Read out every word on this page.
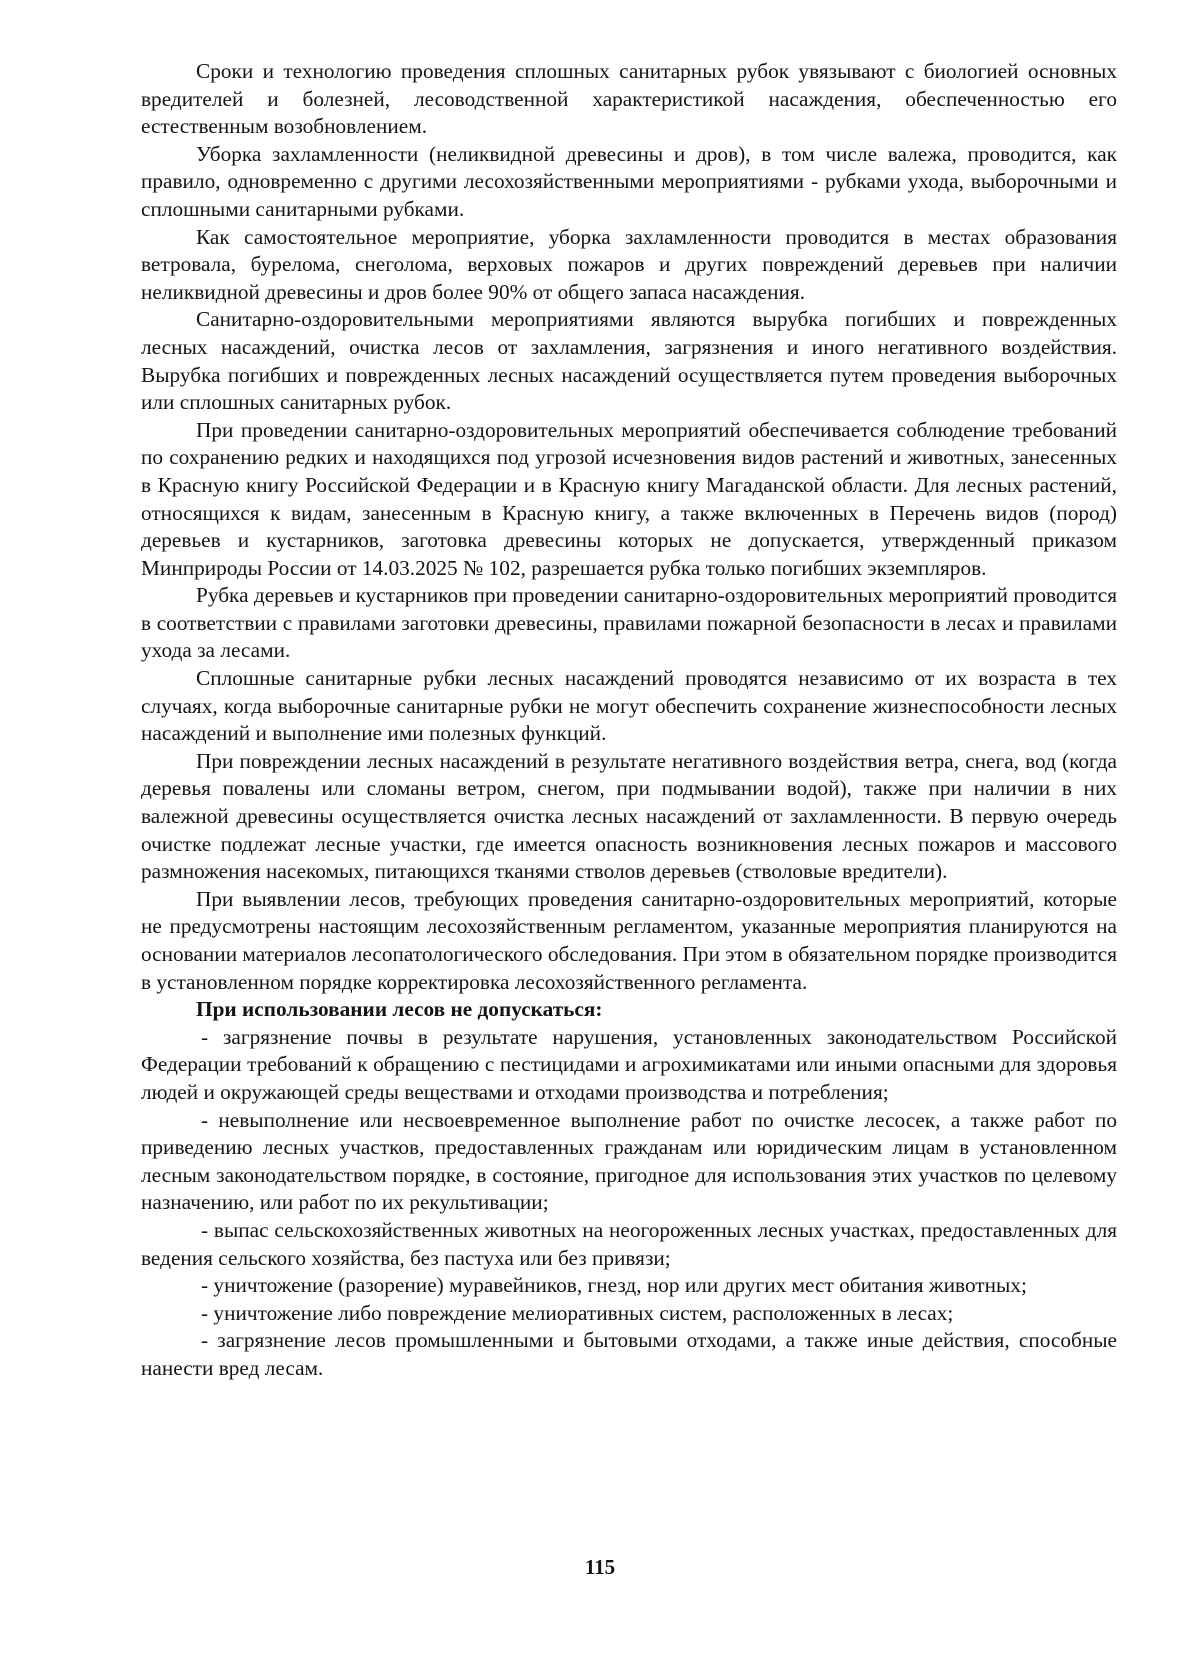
Сроки и технологию проведения сплошных санитарных рубок увязывают с биологией основных вредителей и болезней, лесоводственной характеристикой насаждения, обеспеченностью его естественным возобновлением.

Уборка захламленности (неликвидной древесины и дров), в том числе валежа, проводится, как правило, одновременно с другими лесохозяйственными мероприятиями - рубками ухода, выборочными и сплошными санитарными рубками.

Как самостоятельное мероприятие, уборка захламленности проводится в местах образования ветровала, бурелома, снеголома, верховых пожаров и других повреждений деревьев при наличии неликвидной древесины и дров более 90% от общего запаса насаждения.

Санитарно-оздоровительными мероприятиями являются вырубка погибших и поврежденных лесных насаждений, очистка лесов от захламления, загрязнения и иного негативного воздействия. Вырубка погибших и поврежденных лесных насаждений осуществляется путем проведения выборочных или сплошных санитарных рубок.

При проведении санитарно-оздоровительных мероприятий обеспечивается соблюдение требований по сохранению редких и находящихся под угрозой исчезновения видов растений и животных, занесенных в Красную книгу Российской Федерации и в Красную книгу Магаданской области. Для лесных растений, относящихся к видам, занесенным в Красную книгу, а также включенных в Перечень видов (пород) деревьев и кустарников, заготовка древесины которых не допускается, утвержденный приказом Минприроды России от 14.03.2025 № 102, разрешается рубка только погибших экземпляров.

Рубка деревьев и кустарников при проведении санитарно-оздоровительных мероприятий проводится в соответствии с правилами заготовки древесины, правилами пожарной безопасности в лесах и правилами ухода за лесами.

Сплошные санитарные рубки лесных насаждений проводятся независимо от их возраста в тех случаях, когда выборочные санитарные рубки не могут обеспечить сохранение жизнеспособности лесных насаждений и выполнение ими полезных функций.

При повреждении лесных насаждений в результате негативного воздействия ветра, снега, вод (когда деревья повалены или сломаны ветром, снегом, при подмывании водой), также при наличии в них валежной древесины осуществляется очистка лесных насаждений от захламленности. В первую очередь очистке подлежат лесные участки, где имеется опасность возникновения лесных пожаров и массового размножения насекомых, питающихся тканями стволов деревьев (стволовые вредители).

При выявлении лесов, требующих проведения санитарно-оздоровительных мероприятий, которые не предусмотрены настоящим лесохозяйственным регламентом, указанные мероприятия планируются на основании материалов лесопатологического обследования. При этом в обязательном порядке производится в установленном порядке корректировка лесохозяйственного регламента.

При использовании лесов не допускаться:

- загрязнение почвы в результате нарушения, установленных законодательством Российской Федерации требований к обращению с пестицидами и агрохимикатами или иными опасными для здоровья людей и окружающей среды веществами и отходами производства и потребления;

- невыполнение или несвоевременное выполнение работ по очистке лесосек, а также работ по приведению лесных участков, предоставленных гражданам или юридическим лицам в установленном лесным законодательством порядке, в состояние, пригодное для использования этих участков по целевому назначению, или работ по их рекультивации;

- выпас сельскохозяйственных животных на неогороженных лесных участках, предоставленных для ведения сельского хозяйства, без пастуха или без привязи;

- уничтожение (разорение) муравейников, гнезд, нор или других мест обитания животных;

- уничтожение либо повреждение мелиоративных систем, расположенных в лесах;

- загрязнение лесов промышленными и бытовыми отходами, а также иные действия, способные нанести вред лесам.

115
